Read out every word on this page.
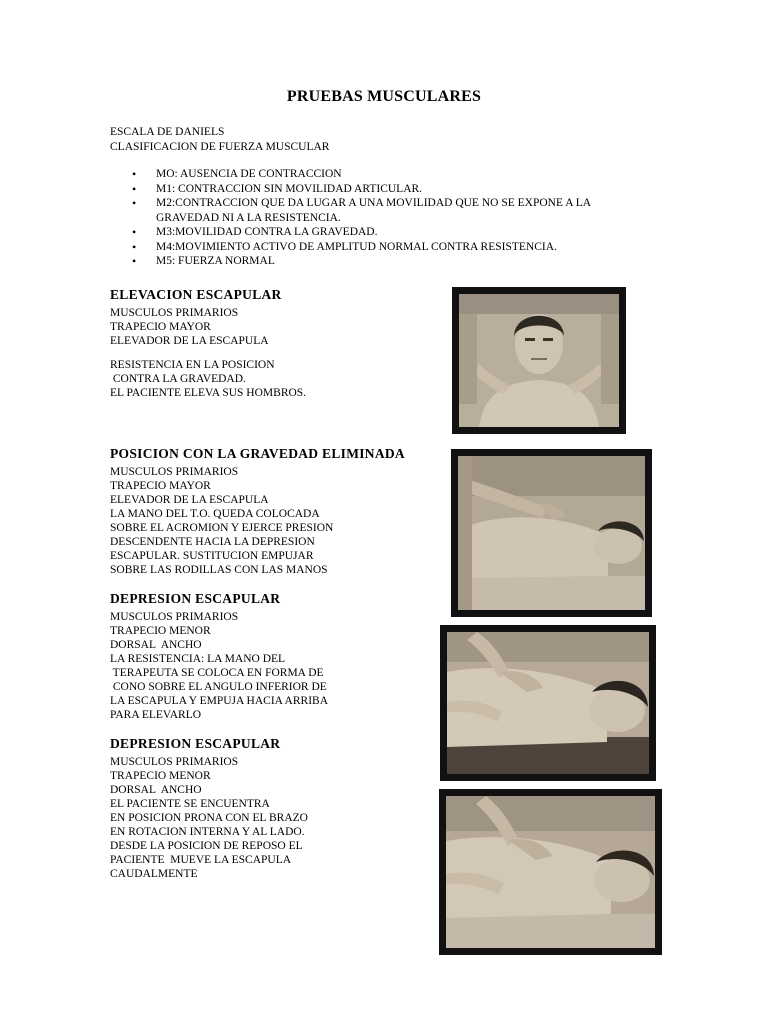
PRUEBAS MUSCULARES
ESCALA DE DANIELS
CLASIFICACION DE FUERZA MUSCULAR
• MO: AUSENCIA DE CONTRACCION
• M1: CONTRACCION SIN MOVILIDAD ARTICULAR.
• M2:CONTRACCION QUE DA LUGAR A UNA MOVILIDAD QUE NO SE EXPONE A LA
GRAVEDAD NI A LA RESISTENCIA.
• M3:MOVILIDAD CONTRA LA GRAVEDAD.
• M4:MOVIMIENTO ACTIVO DE AMPLITUD NORMAL CONTRA RESISTENCIA.
• M5: FUERZA NORMAL
ELEVACION ESCAPULAR
MUSCULOS PRIMARIOS
TRAPECIO MAYOR
ELEVADOR DE LA ESCAPULA
RESISTENCIA EN LA POSICION
CONTRA LA GRAVEDAD.
EL PACIENTE ELEVA SUS HOMBROS.
POSICION CON LA GRAVEDAD ELIMINADA
MUSCULOS PRIMARIOS
TRAPECIO MAYOR
ELEVADOR DE LA ESCAPULA
LA MANO DEL T.O. QUEDA COLOCADA
SOBRE EL ACROMION Y EJERCE PRESION
DESCENDENTE HACIA LA DEPRESION
ESCAPULAR. SUSTITUCION EMPUJAR
SOBRE LAS RODILLAS CON LAS MANOS
DEPRESION ESCAPULAR
MUSCULOS PRIMARIOS
TRAPECIO MENOR
DORSAL  ANCHO
LA RESISTENCIA: LA MANO DEL
TERAPEUTA SE COLOCA EN FORMA DE
CONO SOBRE EL ANGULO INFERIOR DE
LA ESCAPULA Y EMPUJA HACIA ARRIBA
PARA ELEVARLO
DEPRESION ESCAPULAR
MUSCULOS PRIMARIOS
TRAPECIO MENOR
DORSAL  ANCHO
EL PACIENTE SE ENCUENTRA
EN POSICION PRONA CON EL BRAZO
EN ROTACION INTERNA Y AL LADO.
DESDE LA POSICION DE REPOSO EL
PACIENTE  MUEVE LA ESCAPULA
CAUDALMENTE
